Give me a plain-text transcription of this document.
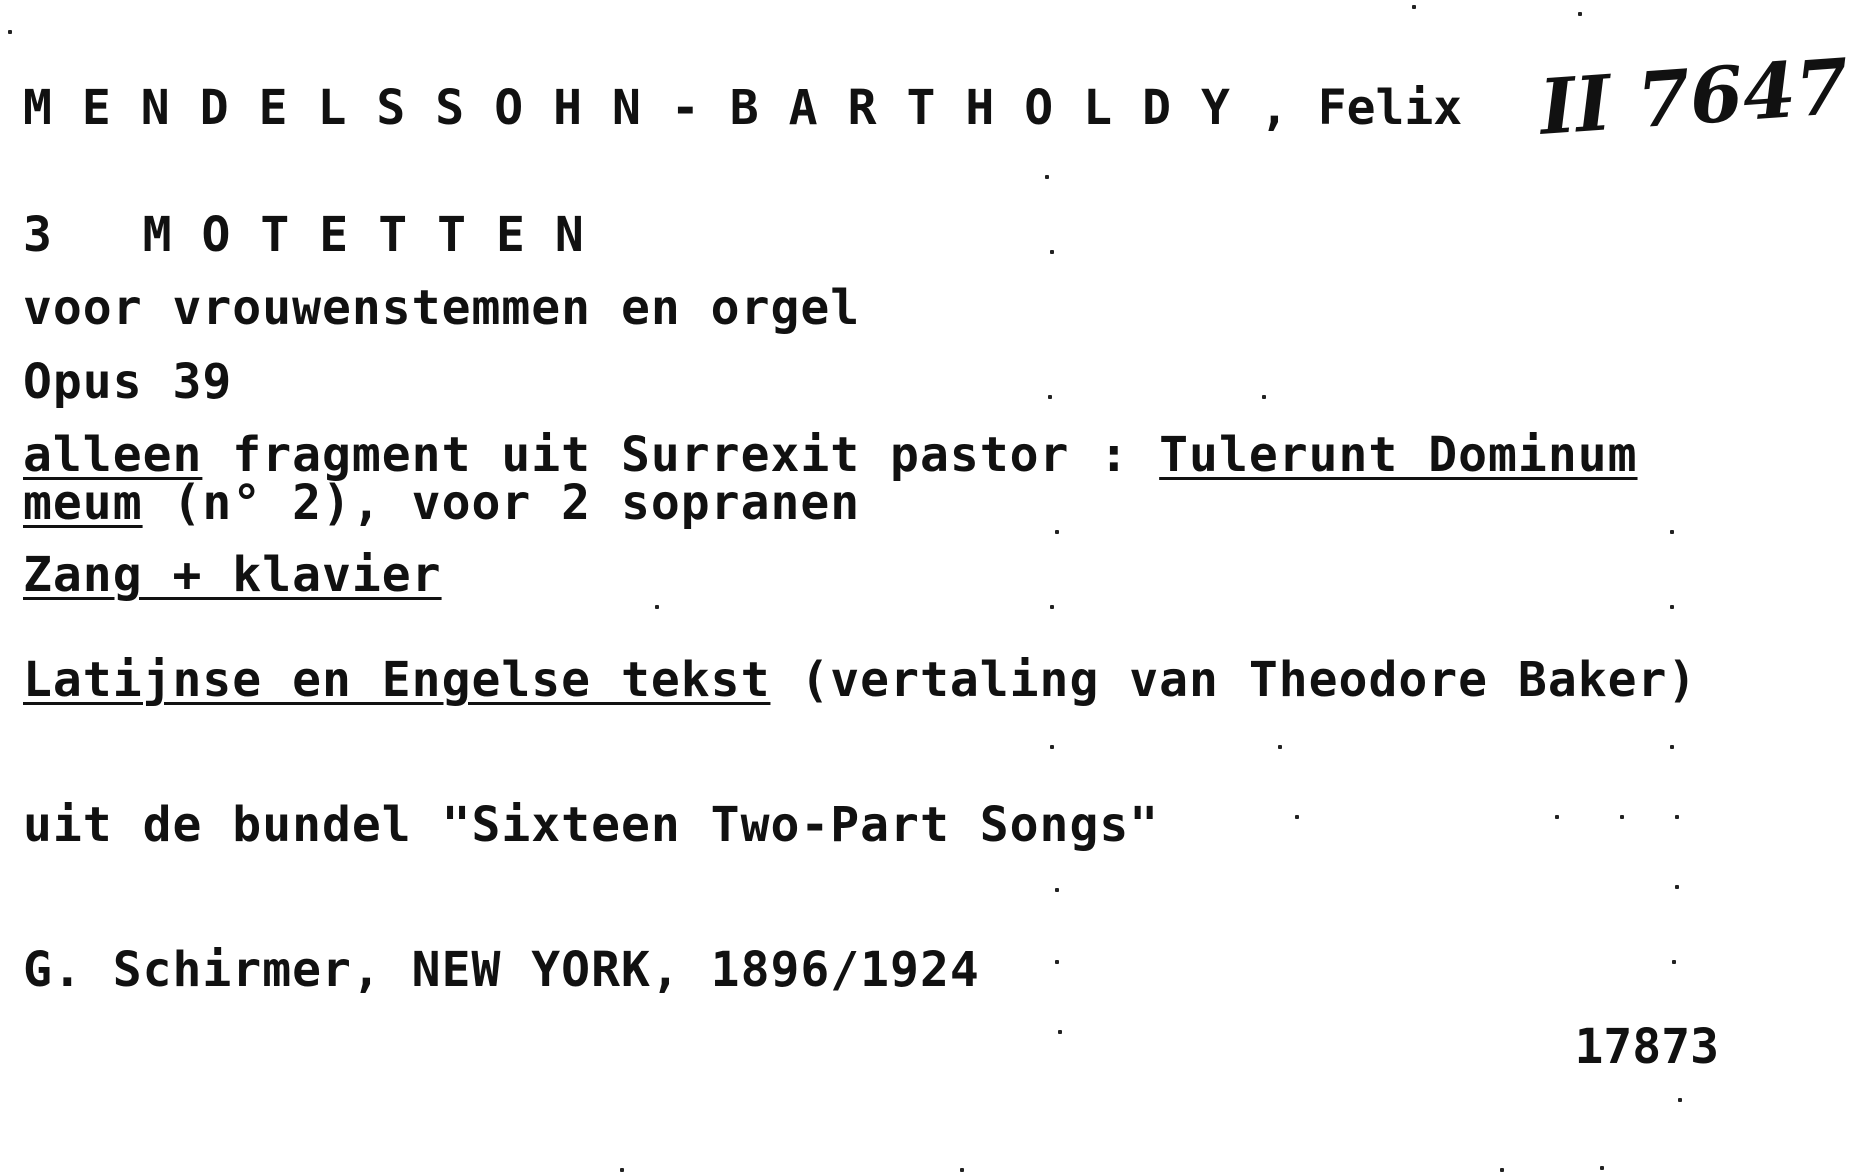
MENDELSSOHN-BARTHOLDY, Felix II 7647
3 MOTETTEN
voor vrouwenstemmen en orgel
Opus 39
alleen fragment uit Surrexit pastor : Tulerunt Dominum
meum (n° 2), voor 2 sopranen
Zang + klavier
Latijnse en Engelse tekst (vertaling van Theodore Baker)
uit de bundel "Sixteen Two-Part Songs"
G. Schirmer, NEW YORK, 1896/1924
17873
